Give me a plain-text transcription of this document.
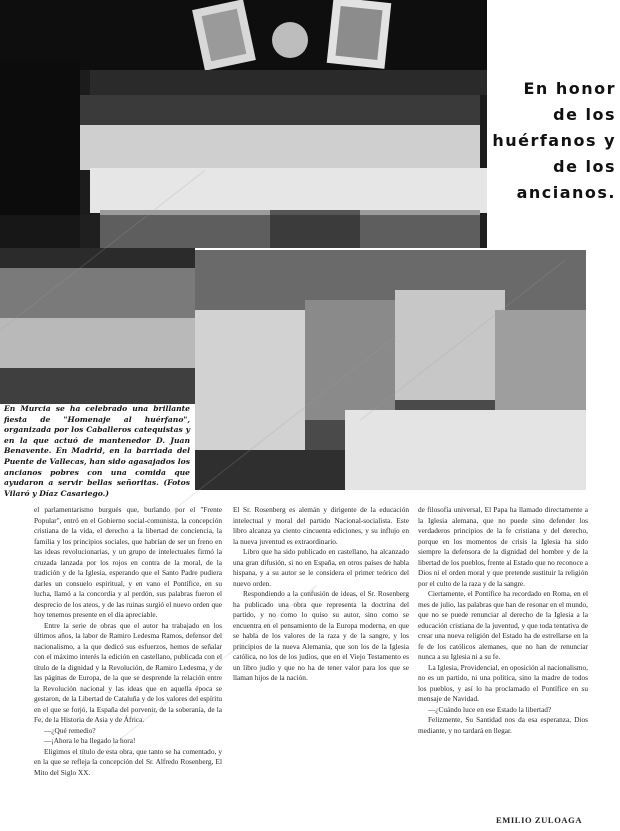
En honor
de los
huérfanos y
de los
ancianos.
En Murcia se ha celebrado una brillante fiesta de "Homenaje al huérfano", organizada por los Caballeros catequistas y en la que actuó de mantenedor D. Juan Benavente. En Madrid, en la barriada del Puente de Vallecas, han sido agasajados los ancianos pobres con una comida que ayudaron a servir bellas señoritas. (Fotos Vilaró y Díaz Casariego.)

el parlamentarismo burgués que, burlando por el "Frente Popular", entró en el Gobierno social-comunista, la concepción cristiana de la vida, el derecho a la libertad de conciencia, la familia y los principios sociales, que habrían de ser un freno en las ideas revolucionarias, y un grupo de intelectuales firmó la cruzada lanzada por los rojos en contra de la moral, de la tradición y de la Iglesia, esperando que el Santo Padre pudiera darles un consuelo espiritual, y en vano el Pontífice, en su lucha, llamó a la concordia y al perdón, sus palabras fueron el desprecio de los ateos, y de las ruinas surgió el nuevo orden que hoy tenemos presente en el día apreciable.

Entre la serie de obras que el autor ha trabajado en los últimos años, la labor de Ramiro Ledesma Ramos, defensor del nacionalismo, a la que dedicó sus esfuerzos, hemos de señalar con el máximo interés la edición en castellano, publicada con el título de la dignidad y la Revolución, de Ramiro Ledesma, y de las páginas de Europa, de la que se desprende la relación entre la Revolución nacional y las ideas que en aquella época se gestaron, de la Libertad de Cataluña y de los valores del espíritu en el que se forjó, la España del porvenir, de la soberanía, de la Fe, de la Historia de Asia y de África.

—¿Qué remedio?

—¡Ahora le ha llegado la hora!

Eligimos el título de esta obra, que tanto se ha comentado, y en la que se refleja la concepción del Sr. Alfredo Rosenberg, El Mito del Siglo XX.

El Sr. Rosenberg es alemán y dirigente de la educación intelectual y moral del partido Nacional-socialista. Este libro alcanza ya ciento cincuenta ediciones, y su influjo en la nueva juventud es extraordinario.

Libro que ha sido publicado en castellano, ha alcanzado una gran difusión, si no en España, en otros países de habla hispana, y a su autor se le considera el primer teórico del nuevo orden.

Respondiendo a la confusión de ideas, el Sr. Rosenberg ha publicado una obra que representa la doctrina del partido, y no como lo quiso su autor, sino como se encuentra en el pensamiento de la Europa moderna, en que se habla de los valores de la raza y de la sangre, y los principios de la nueva Alemania, que son los de la Iglesia católica, no los de los judíos, que en el Viejo Testamento es un libro judío y que no ha de tener valor para los que se llaman hijos de la nación.

de filosofía universal, El Papa ha llamado directamente a la Iglesia alemana, que no puede sino defender los verdaderos principios de la fe cristiana y del derecho, porque en los momentos de crisis la Iglesia ha sido siempre la defensora de la dignidad del hombre y de la libertad de los pueblos, frente al Estado que no reconoce a Dios ni el orden moral y que pretende sustituir la religión por el culto de la raza y de la sangre.

Ciertamente, el Pontífice ha recordado en Roma, en el mes de julio, las palabras que han de resonar en el mundo, que no se puede renunciar al derecho de la Iglesia a la educación cristiana de la juventud, y que toda tentativa de crear una nueva religión del Estado ha de estrellarse en la fe de los católicos alemanes, que no han de renunciar nunca a su Iglesia ni a su fe.

La Iglesia, Providencial, en oposición al nacionalismo, no es un partido, ni una política, sino la madre de todos los pueblos, y así lo ha proclamado el Pontífice en su mensaje de Navidad.

—¿Cuándo luce en ese Estado la libertad?

Felizmente, Su Santidad nos da esa esperanza, Dios mediante, y no tardará en llegar.

EMILIO ZULOAGA
